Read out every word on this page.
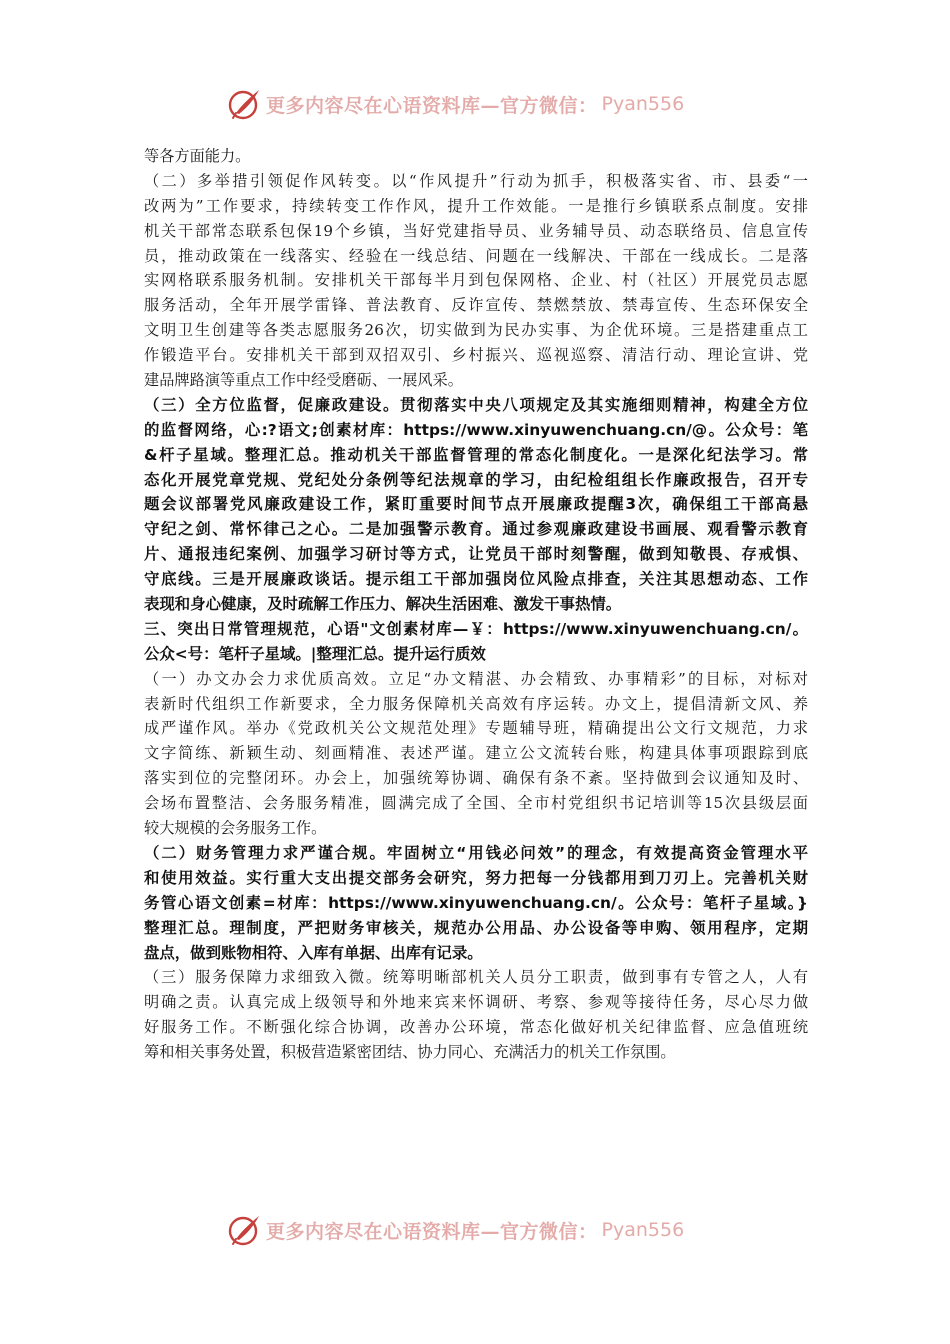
更多内容尽在心语资料库—官方微信： Pyan556
等各方面能力。
（二）多举措引领促作风转变。以“作风提升”行动为抓手，积极落实省、市、县委“一
改两为”工作要求，持续转变工作作风，提升工作效能。一是推行乡镇联系点制度。安排
机关干部常态联系包保19个乡镇，当好党建指导员、业务辅导员、动态联络员、信息宣传
员，推动政策在一线落实、经验在一线总结、问题在一线解决、干部在一线成长。二是落
实网格联系服务机制。安排机关干部每半月到包保网格、企业、村（社区）开展党员志愿
服务活动，全年开展学雷锋、普法教育、反诈宣传、禁燃禁放、禁毒宣传、生态环保安全
文明卫生创建等各类志愿服务26次，切实做到为民办实事、为企优环境。三是搭建重点工
作锻造平台。安排机关干部到双招双引、乡村振兴、巡视巡察、清洁行动、理论宣讲、党
建品牌路演等重点工作中经受磨砺、一展风采。
（三）全方位监督，促廉政建设。贯彻落实中央八项规定及其实施细则精神，构建全方位
的监督网络，心:?语文;创素材库：https://www.xinyuwenchuang.cn/@。公众号：笔
&杆子星域。整理汇总。推动机关干部监督管理的常态化制度化。一是深化纪法学习。常
态化开展党章党规、党纪处分条例等纪法规章的学习，由纪检组组长作廉政报告，召开专
题会议部署党风廉政建设工作，紧盯重要时间节点开展廉政提醒3次，确保组工干部高悬
守纪之剑、常怀律己之心。二是加强警示教育。通过参观廉政建设书画展、观看警示教育
片、通报违纪案例、加强学习研讨等方式，让党员干部时刻警醒，做到知敬畏、存戒惧、
守底线。三是开展廉政谈话。提示组工干部加强岗位风险点排查，关注其思想动态、工作
表现和身心健康，及时疏解工作压力、解决生活困难、激发干事热情。
三、突出日常管理规范，心语"文创素材库—￥：https://www.xinyuwenchuang.cn/。
公众<号：笔杆子星域。|整理汇总。提升运行质效
（一）办文办会力求优质高效。立足“办文精湛、办会精致、办事精彩”的目标，对标对
表新时代组织工作新要求，全力服务保障机关高效有序运转。办文上，提倡清新文风、养
成严谨作风。举办《党政机关公文规范处理》专题辅导班，精确提出公文行文规范，力求
文字简练、新颖生动、刻画精准、表述严谨。建立公文流转台账，构建具体事项跟踪到底
落实到位的完整闭环。办会上，加强统筹协调、确保有条不紊。坚持做到会议通知及时、
会场布置整洁、会务服务精准，圆满完成了全国、全市村党组织书记培训等15次县级层面
较大规模的会务服务工作。
（二）财务管理力求严谨合规。牢固树立“用钱必问效”的理念，有效提高资金管理水平
和使用效益。实行重大支出提交部务会研究，努力把每一分钱都用到刀刃上。完善机关财
务管心语文创素=材库：https://www.xinyuwenchuang.cn/。公众号：笔杆子星域。}
整理汇总。理制度，严把财务审核关，规范办公用品、办公设备等申购、领用程序，定期
盘点，做到账物相符、入库有单据、出库有记录。
（三）服务保障力求细致入微。统筹明晰部机关人员分工职责，做到事有专管之人，人有
明确之责。认真完成上级领导和外地来宾来怀调研、考察、参观等接待任务，尽心尽力做
好服务工作。不断强化综合协调，改善办公环境，常态化做好机关纪律监督、应急值班统
筹和相关事务处置，积极营造紧密团结、协力同心、充满活力的机关工作氛围。
更多内容尽在心语资料库—官方微信： Pyan556
